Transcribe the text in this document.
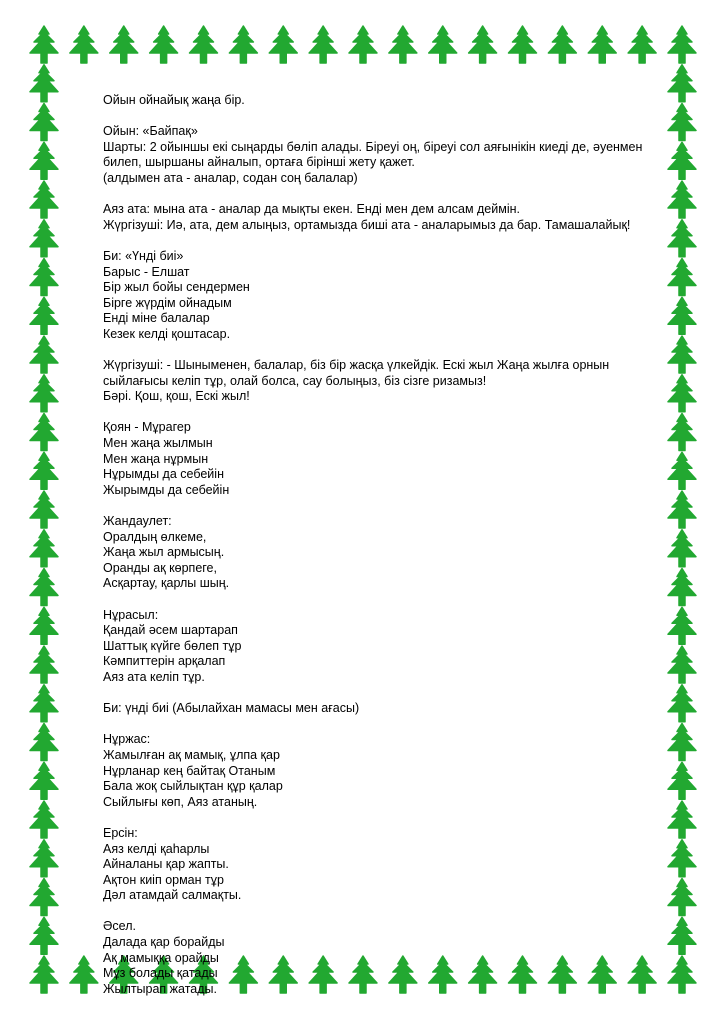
Ойын ойнайық жаңа бір.
Ойын: «Байпақ»
Шарты: 2 ойыншы екі сыңарды бөліп алады. Біреуі оң, біреуі сол аяғынікін киеді де, әуенмен
билеп, шыршаны айналып, ортаға бірінші жету қажет.
(алдымен ата - аналар, содан соң балалар)
Аяз ата: мына ата - аналар да мықты екен. Енді мен дем алсам деймін.
Жүргізуші: Иә, ата, дем алыңыз, ортамызда биші ата - аналарымыз да бар. Тамашалайық!
Би: «Үнді биі»
Барыс - Елшат
Бір жыл бойы сендермен
Бірге жүрдім ойнадым
Енді міне балалар
Кезек келді қоштасар.
Жүргізуші: - Шыныменен, балалар, біз бір жасқа үлкейдік. Ескі жыл Жаңа жылға орнын
сыйлағысы келіп тұр, олай болса, сау болыңыз, біз сізге ризамыз!
Бәрі. Қош, қош, Ескі жыл!
Қоян - Мұрагер
Мен жаңа жылмын
Мен жаңа нұрмын
Нұрымды да себейін
Жырымды да себейін
Жандаулет:
Оралдың өлкеме,
Жаңа жыл армысың.
Оранды ақ көрпеге,
Асқартау, қарлы шың.
Нұрасыл:
Қандай әсем шартарап
Шаттық күйге бөлеп тұр
Кәмпиттерін арқалап
Аяз ата келіп тұр.
Би: үнді биі (Абылайхан мамасы мен ағасы)
Нұржас:
Жамылған ақ мамық, ұлпа қар
Нұрланар кең байтақ Отаным
Бала жоқ сыйлықтан құр қалар
Сыйлығы көп, Аяз атаның.
Ерсін:
Аяз келді қаһарлы
Айналаны қар жапты.
Ақтон киіп орман тұр
Дәл атамдай салмақты.
Әсел.
Далада қар борайды
Ақ мамыққа орайды
Мұз болады қатады
Жылтырап жатады.
